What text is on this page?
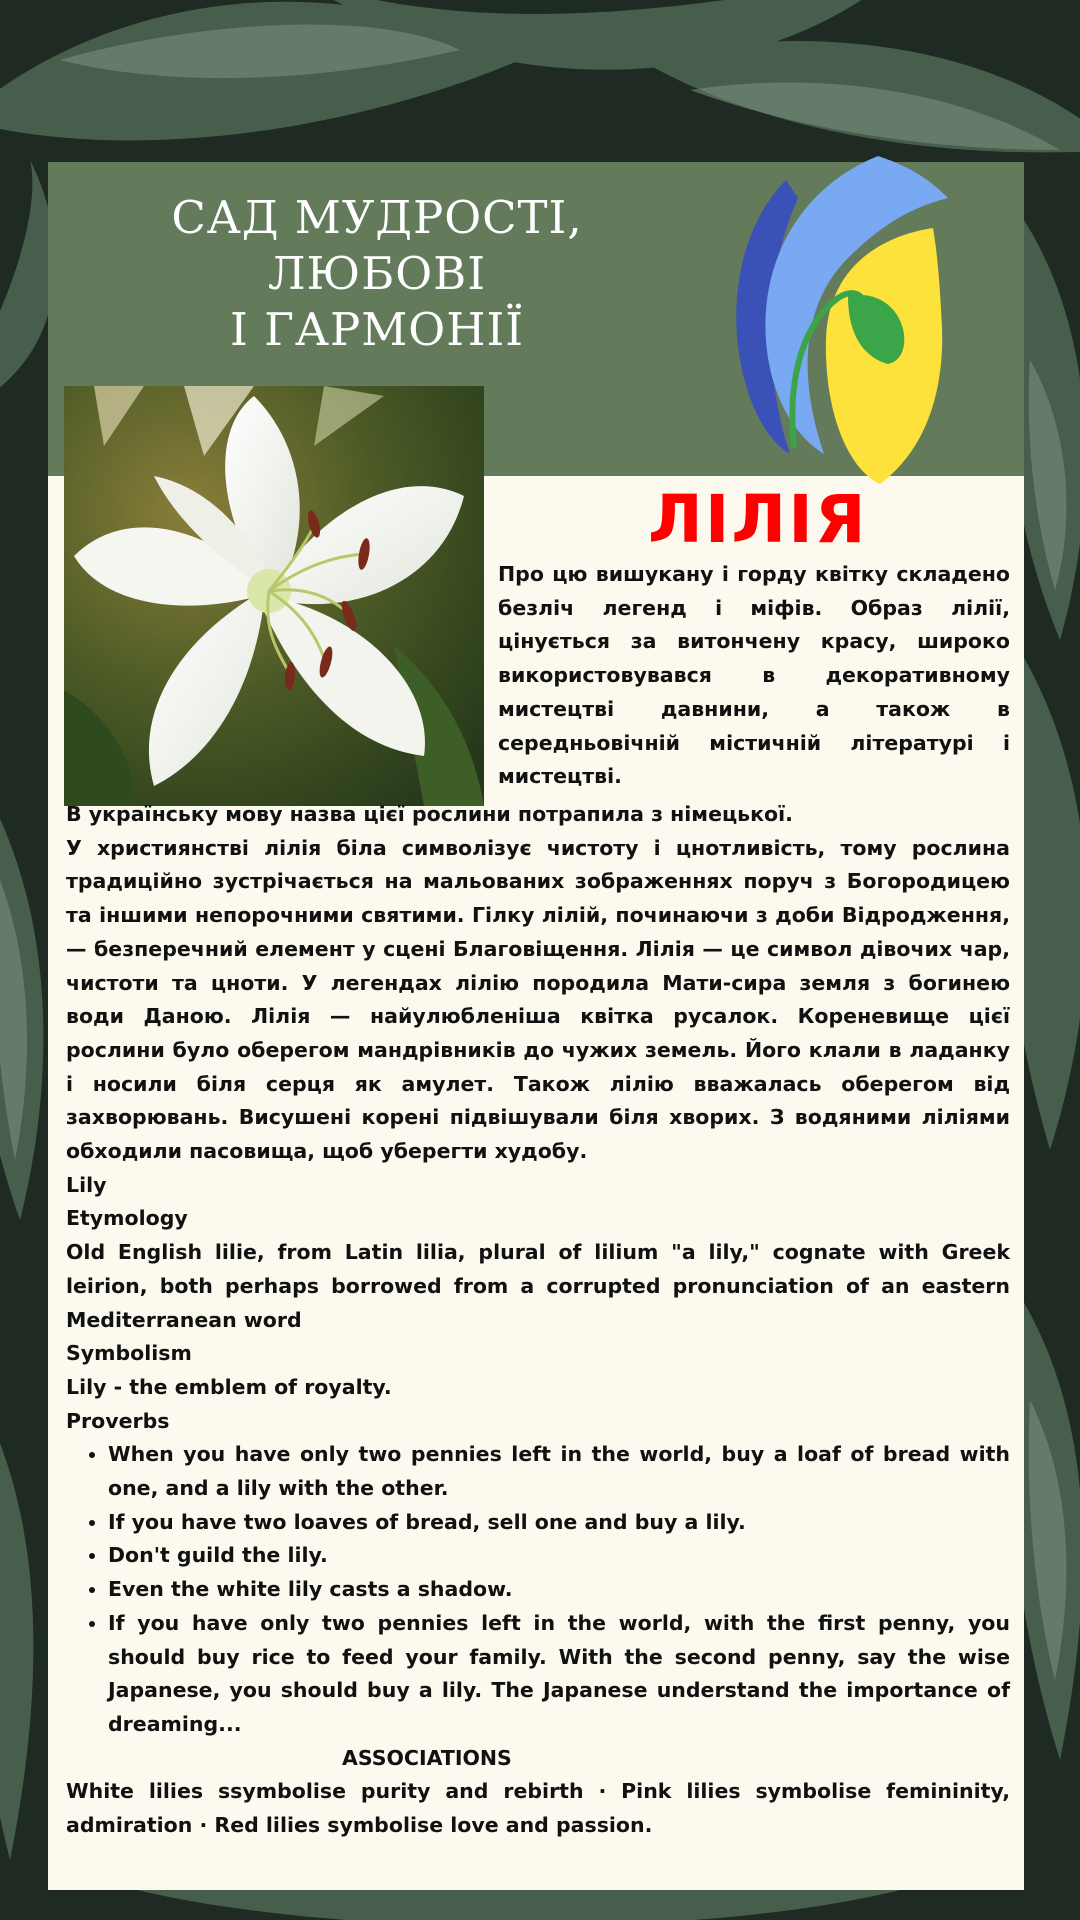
САД МУДРОСТІ,
ЛЮБОВІ
І ГАРМОНІЇ
ЛІЛІЯ

Про цю вишукану і горду квітку складено безліч легенд і міфів. Образ лілії, цінується за витончену красу, широко використовувався в декоративному мистецтві давнини, а також в середньовічній містичній літературі і мистецтві.

В українську мову назва цієї рослини потрапила з німецької.

У християнстві лілія біла символізує чистоту і цнотливість, тому рослина традиційно зустрічається на мальованих зображеннях поруч з Богородицею та іншими непорочними святими. Гілку лілій, починаючи з доби Відродження, — безперечний елемент у сцені Благовіщення. Лілія — це символ дівочих чар, чистоти та цноти. У легендах лілію породила Мати-сира земля з богинею води Даною. Лілія — найулюбленіша квітка русалок. Кореневище цієї рослини було оберегом мандрівників до чужих земель. Його клали в ладанку і носили біля серця як амулет. Також лілію вважалась оберегом від захворювань. Висушені корені підвішували біля хворих. З водяними ліліями обходили пасовища, щоб уберегти худобу.

Lily

Etymology

Old English lilie, from Latin lilia, plural of lilium "a lily," cognate with Greek leirion, both perhaps borrowed from a corrupted pronunciation of an eastern Mediterranean word

Symbolism

Lily - the emblem of royalty.

Proverbs

• When you have only two pennies left in the world, buy a loaf of bread with one, and a lily with the other.
• If you have two loaves of bread, sell one and buy a lily.
• Don't guild the lily.
• Even the white lily casts a shadow.
• If you have only two pennies left in the world, with the first penny, you should buy rice to feed your family. With the second penny, say the wise Japanese, you should buy a lily. The Japanese understand the importance of dreaming...

ASSOCIATIONS

White lilies ssymbolise purity and rebirth · Pink lilies symbolise femininity, admiration · Red lilies symbolise love and passion.
